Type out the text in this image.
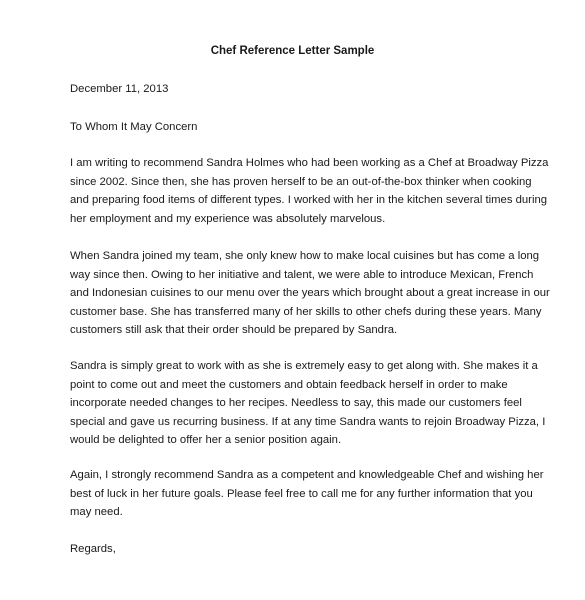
Chef Reference Letter Sample
December 11, 2013
To Whom It May Concern
I am writing to recommend Sandra Holmes who had been working as a Chef at Broadway Pizza
since 2002. Since then, she has proven herself to be an out-of-the-box thinker when cooking
and preparing food items of different types. I worked with her in the kitchen several times during
her employment and my experience was absolutely marvelous.
When Sandra joined my team, she only knew how to make local cuisines but has come a long
way since then. Owing to her initiative and talent, we were able to introduce Mexican, French
and Indonesian cuisines to our menu over the years which brought about a great increase in our
customer base. She has transferred many of her skills to other chefs during these years. Many
customers still ask that their order should be prepared by Sandra.
Sandra is simply great to work with as she is extremely easy to get along with. She makes it a
point to come out and meet the customers and obtain feedback herself in order to make
incorporate needed changes to her recipes. Needless to say, this made our customers feel
special and gave us recurring business. If at any time Sandra wants to rejoin Broadway Pizza, I
would be delighted to offer her a senior position again.
Again, I strongly recommend Sandra as a competent and knowledgeable Chef and wishing her
best of luck in her future goals. Please feel free to call me for any further information that you
may need.
Regards,
